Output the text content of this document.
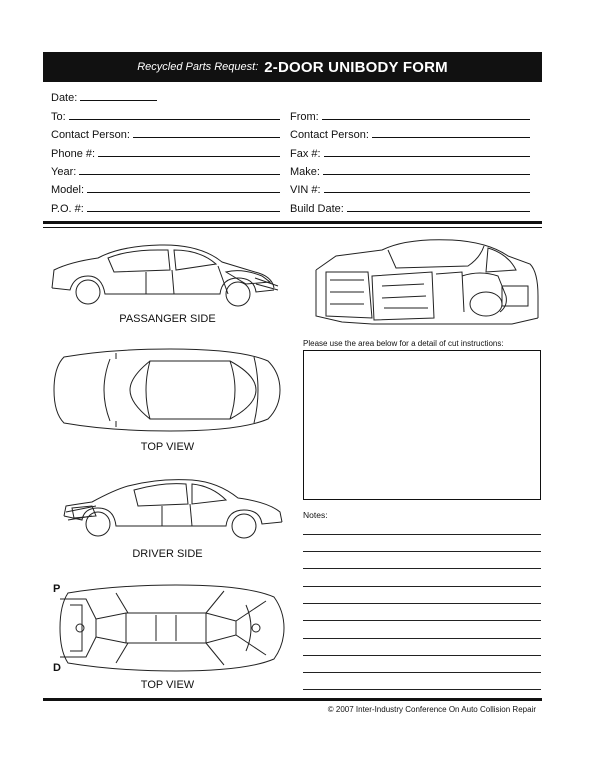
Recycled Parts Request: 2-DOOR UNIBODY FORM
Date:
To:	From:
Contact Person:	Contact Person:
Phone #:	Fax #:
Year:	Make:
Model:	VIN #:
P.O. #:	Build Date:
PASSANGER SIDE
TOP VIEW
DRIVER SIDE
P
D
TOP VIEW
Please use the area below for a detail of cut instructions:
Notes:
© 2007 Inter-Industry Conference On Auto Collision Repair
